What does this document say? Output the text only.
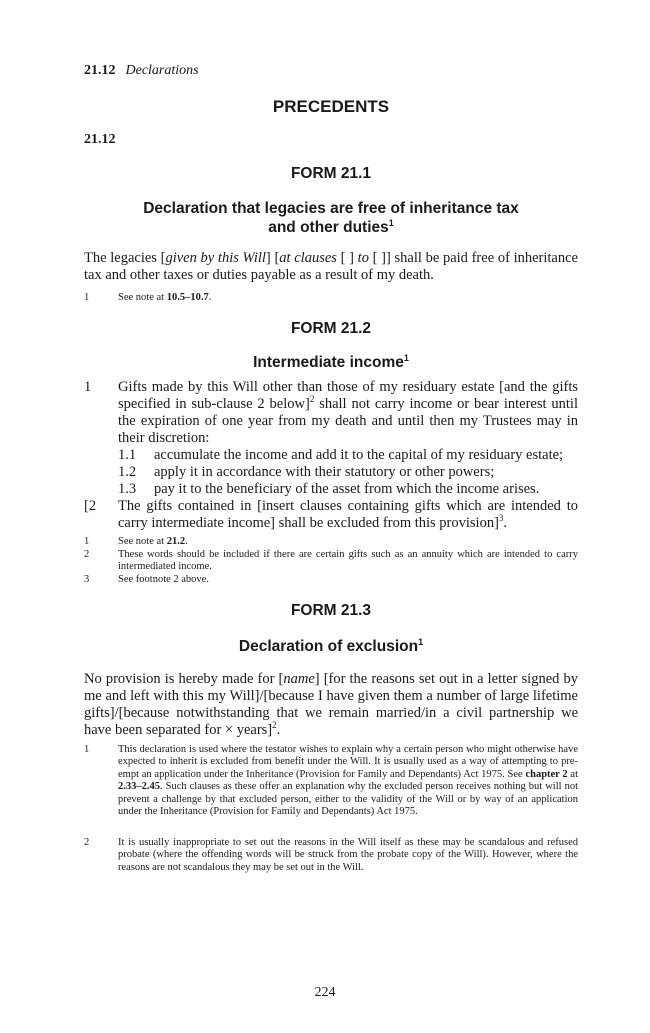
21.12 Declarations
PRECEDENTS
21.12
FORM 21.1
Declaration that legacies are free of inheritance tax
and other duties$^1$
The legacies [given by this Will] [at clauses [ ] to [ ]] shall be paid free of inheritance tax and other taxes or duties payable as a result of my death.
1	See note at 10.5–10.7.
FORM 21.2
Intermediate income$^1$
1 Gifts made by this Will other than those of my residuary estate [and the gifts specified in sub-clause 2 below]$^2$ shall not carry income or bear interest until the expiration of one year from my death and until then my Trustees may in their discretion:
1.1 accumulate the income and add it to the capital of my residuary estate;
1.2 apply it in accordance with their statutory or other powers;
1.3 pay it to the beneficiary of the asset from which the income arises.
[2 The gifts contained in [insert clauses containing gifts which are intended to carry intermediate income] shall be excluded from this provision]$^3$.
1	See note at 21.2.
2	These words should be included if there are certain gifts such as an annuity which are intended to carry intermediated income.
3	See footnote 2 above.
FORM 21.3
Declaration of exclusion$^1$
No provision is hereby made for [name] [for the reasons set out in a letter signed by me and left with this my Will]/[because I have given them a number of large lifetime gifts]/[because notwithstanding that we remain married/in a civil partnership we have been separated for × years]$^2$.
1	This declaration is used where the testator wishes to explain why a certain person who might otherwise have expected to inherit is excluded from benefit under the Will. It is usually used as a way of attempting to pre-empt an application under the Inheritance (Provision for Family and Dependants) Act 1975. See chapter 2 at 2.33–2.45. Such clauses as these offer an explanation why the excluded person receives nothing but will not prevent a challenge by that excluded person, either to the validity of the Will or by way of an application under the Inheritance (Provision for Family and Dependants) Act 1975.
2	It is usually inappropriate to set out the reasons in the Will itself as these may be scandalous and refused probate (where the offending words will be struck from the probate copy of the Will). However, where the reasons are not scandalous they may be set out in the Will.
224
